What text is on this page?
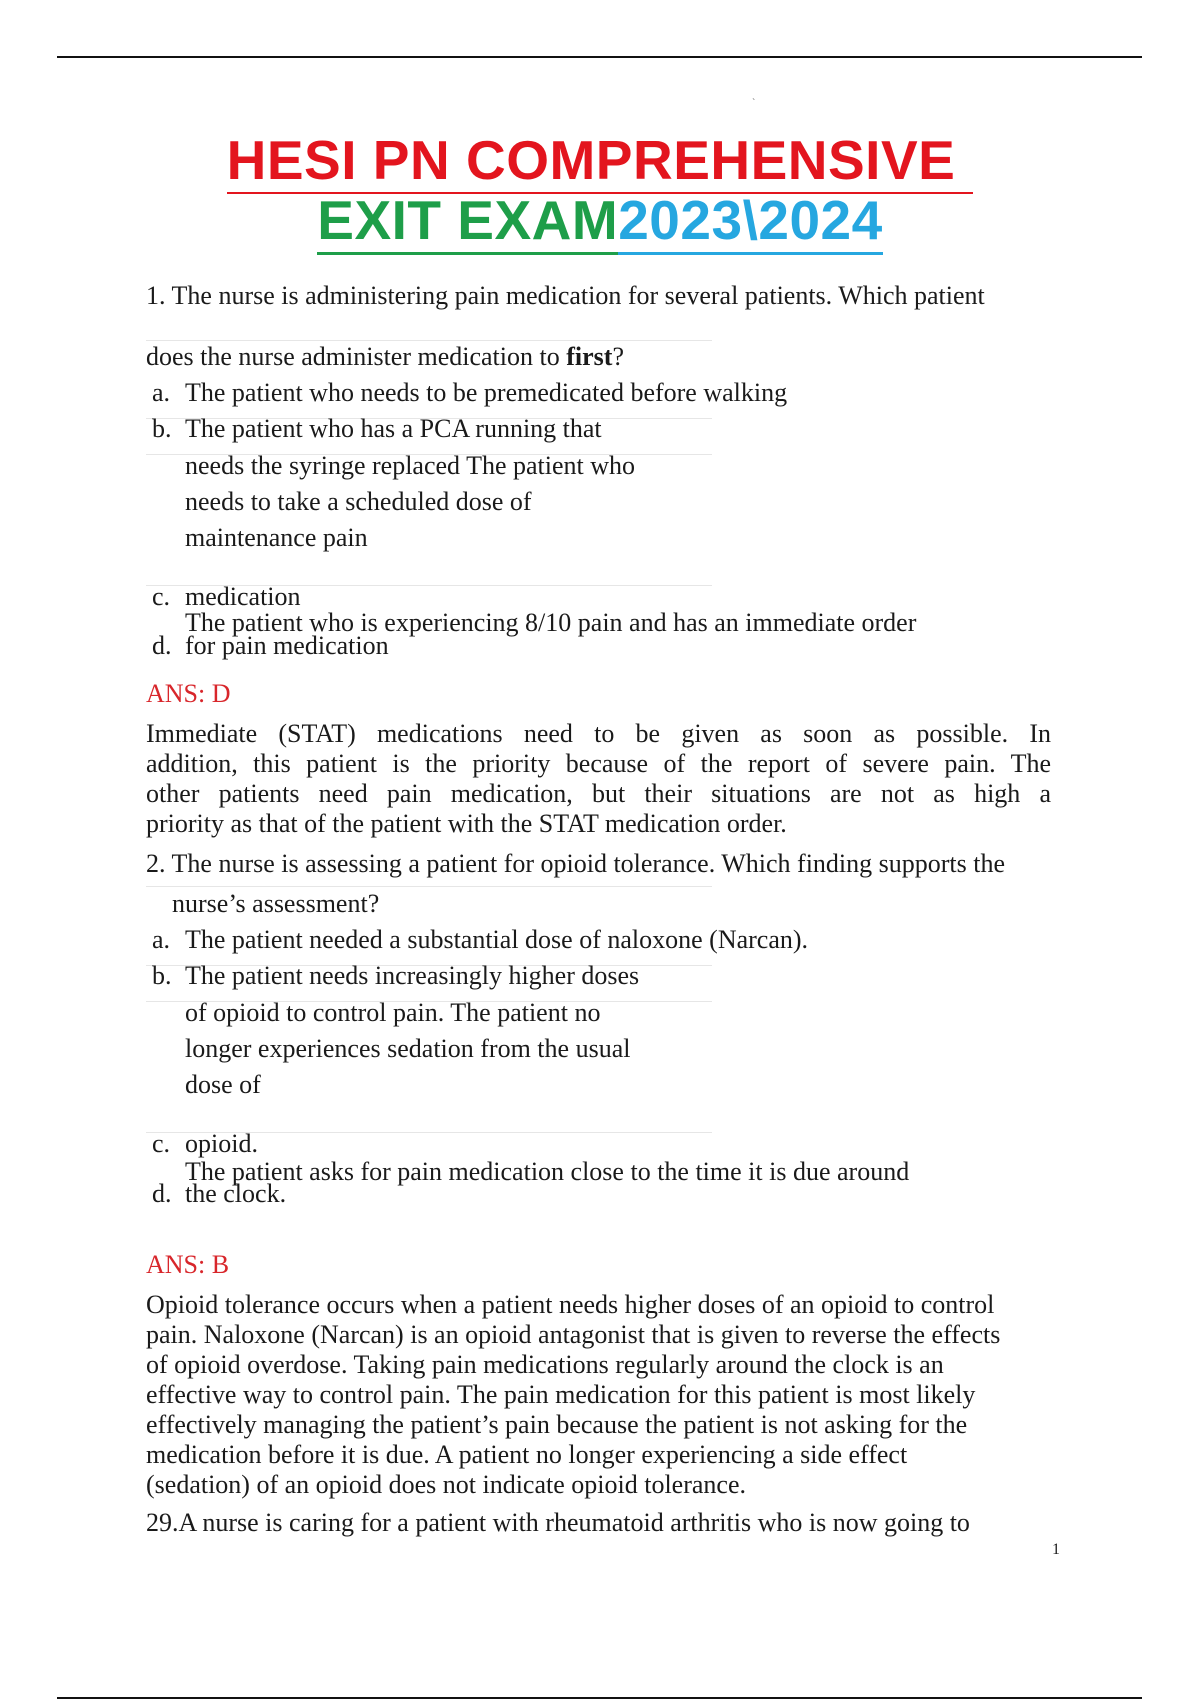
`
HESI PN COMPREHENSIVE
EXIT EXAM2023\2024
1. The nurse is administering pain medication for several patients. Which patient
does the nurse administer medication to first?
a. The patient who needs to be premedicated before walking
b. The patient who has a PCA running that
needs the syringe replaced The patient who
needs to take a scheduled dose of
maintenance pain
c. medication
The patient who is experiencing 8/10 pain and has an immediate order
d. for pain medication
ANS: D
Immediate (STAT) medications need to be given as soon as possible. In
addition, this patient is the priority because of the report of severe pain. The
other patients need pain medication, but their situations are not as high a
priority as that of the patient with the STAT medication order.
2. The nurse is assessing a patient for opioid tolerance. Which finding supports the
nurse’s assessment?
a. The patient needed a substantial dose of naloxone (Narcan).
b. The patient needs increasingly higher doses
of opioid to control pain. The patient no
longer experiences sedation from the usual
dose of
c. opioid.
The patient asks for pain medication close to the time it is due around
d. the clock.
ANS: B
Opioid tolerance occurs when a patient needs higher doses of an opioid to control
pain. Naloxone (Narcan) is an opioid antagonist that is given to reverse the effects
of opioid overdose. Taking pain medications regularly around the clock is an
effective way to control pain. The pain medication for this patient is most likely
effectively managing the patient’s pain because the patient is not asking for the
medication before it is due. A patient no longer experiencing a side effect
(sedation) of an opioid does not indicate opioid tolerance.
29.A nurse is caring for a patient with rheumatoid arthritis who is now going to
1
